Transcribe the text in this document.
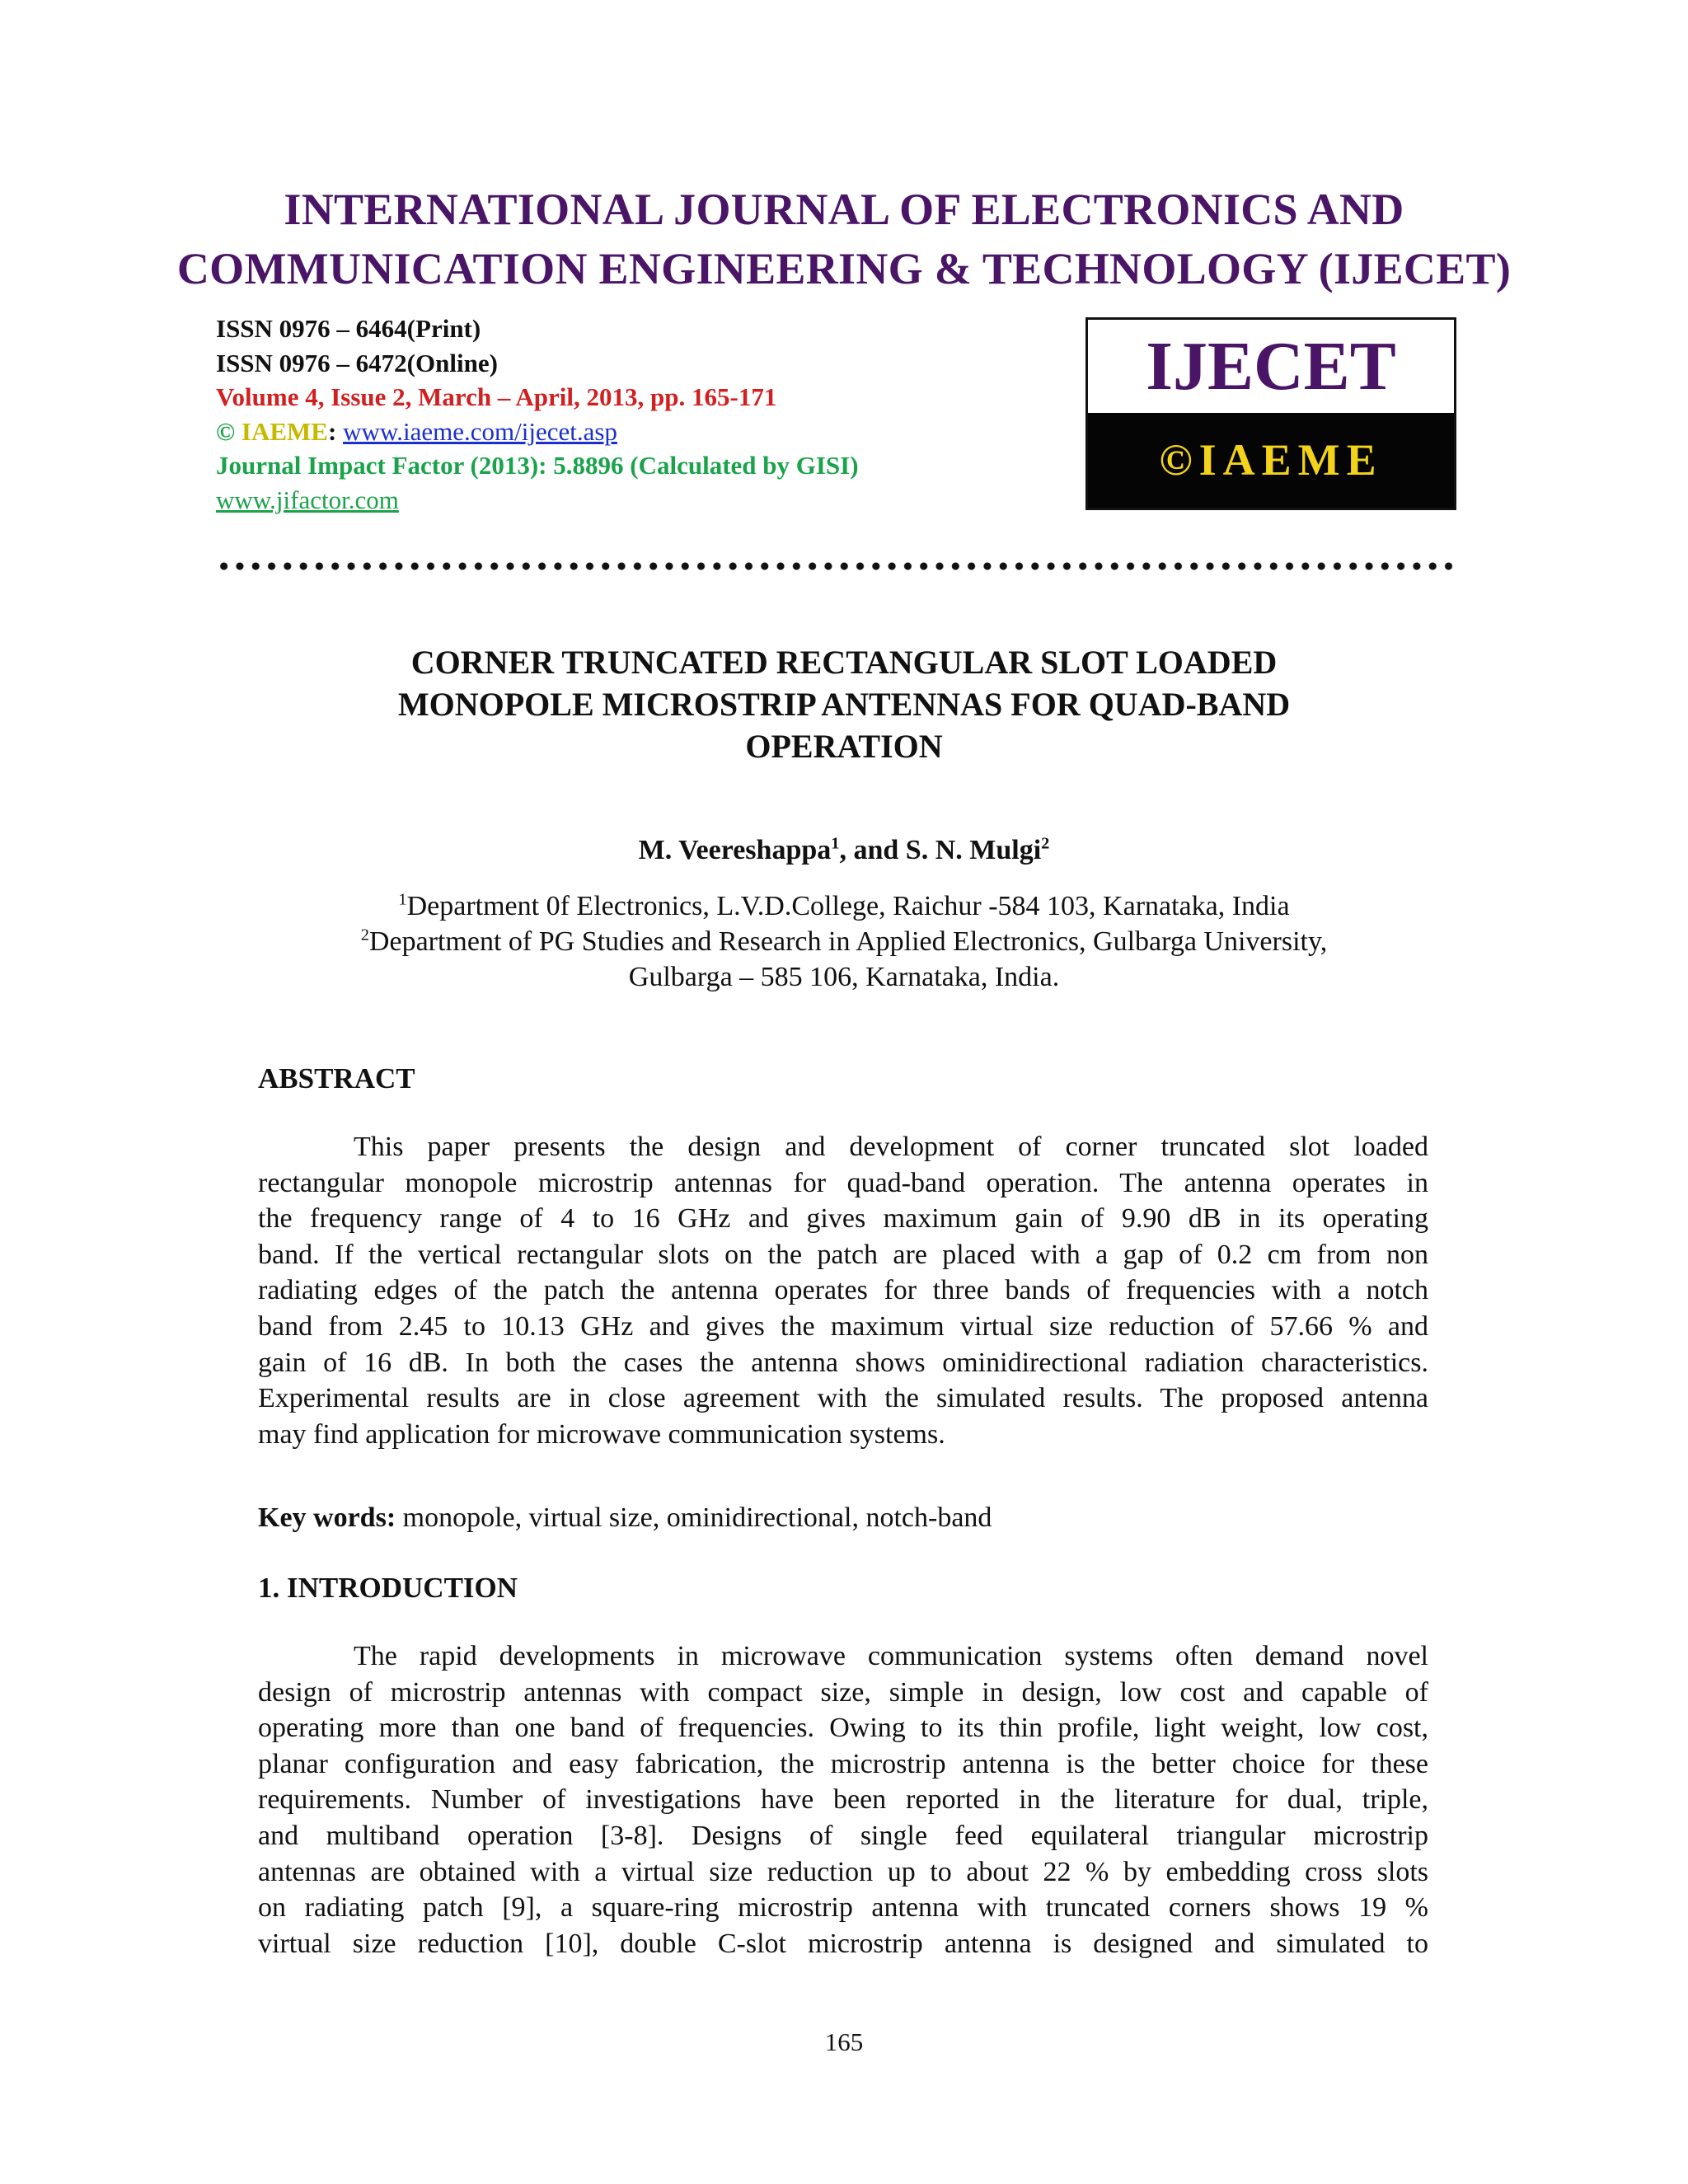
INTERNATIONAL JOURNAL OF ELECTRONICS AND
COMMUNICATION ENGINEERING & TECHNOLOGY (IJECET)
ISSN 0976 – 6464(Print)
ISSN 0976 – 6472(Online)
Volume 4, Issue 2, March – April, 2013, pp. 165-171
© IAEME: www.iaeme.com/ijecet.asp
Journal Impact Factor (2013): 5.8896 (Calculated by GISI)
www.jifactor.com
IJECET
©IAEME
CORNER TRUNCATED RECTANGULAR SLOT LOADED
MONOPOLE MICROSTRIP ANTENNAS FOR QUAD-BAND
OPERATION
M. Veereshappa$^1$, and S. N. Mulgi$^2$
$^1$Department 0f Electronics, L.V.D.College, Raichur -584 103, Karnataka, India
$^2$Department of PG Studies and Research in Applied Electronics, Gulbarga University,
Gulbarga – 585 106, Karnataka, India.
ABSTRACT
This paper presents the design and development of corner truncated slot loaded
rectangular monopole microstrip antennas for quad-band operation. The antenna operates in
the frequency range of 4 to 16 GHz and gives maximum gain of 9.90 dB in its operating
band. If the vertical rectangular slots on the patch are placed with a gap of 0.2 cm from non
radiating edges of the patch the antenna operates for three bands of frequencies with a notch
band from 2.45 to 10.13 GHz and gives the maximum virtual size reduction of 57.66 % and
gain of 16 dB. In both the cases the antenna shows ominidirectional radiation characteristics.
Experimental results are in close agreement with the simulated results. The proposed antenna
may find application for microwave communication systems.
Key words: monopole, virtual size, ominidirectional, notch-band
1. INTRODUCTION
The rapid developments in microwave communication systems often demand novel
design of microstrip antennas with compact size, simple in design, low cost and capable of
operating more than one band of frequencies. Owing to its thin profile, light weight, low cost,
planar configuration and easy fabrication, the microstrip antenna is the better choice for these
requirements. Number of investigations have been reported in the literature for dual, triple,
and multiband operation [3-8]. Designs of single feed equilateral triangular microstrip
antennas are obtained with a virtual size reduction up to about 22 % by embedding cross slots
on radiating patch [9], a square-ring microstrip antenna with truncated corners shows 19 %
virtual size reduction [10], double C-slot microstrip antenna is designed and simulated to
165
